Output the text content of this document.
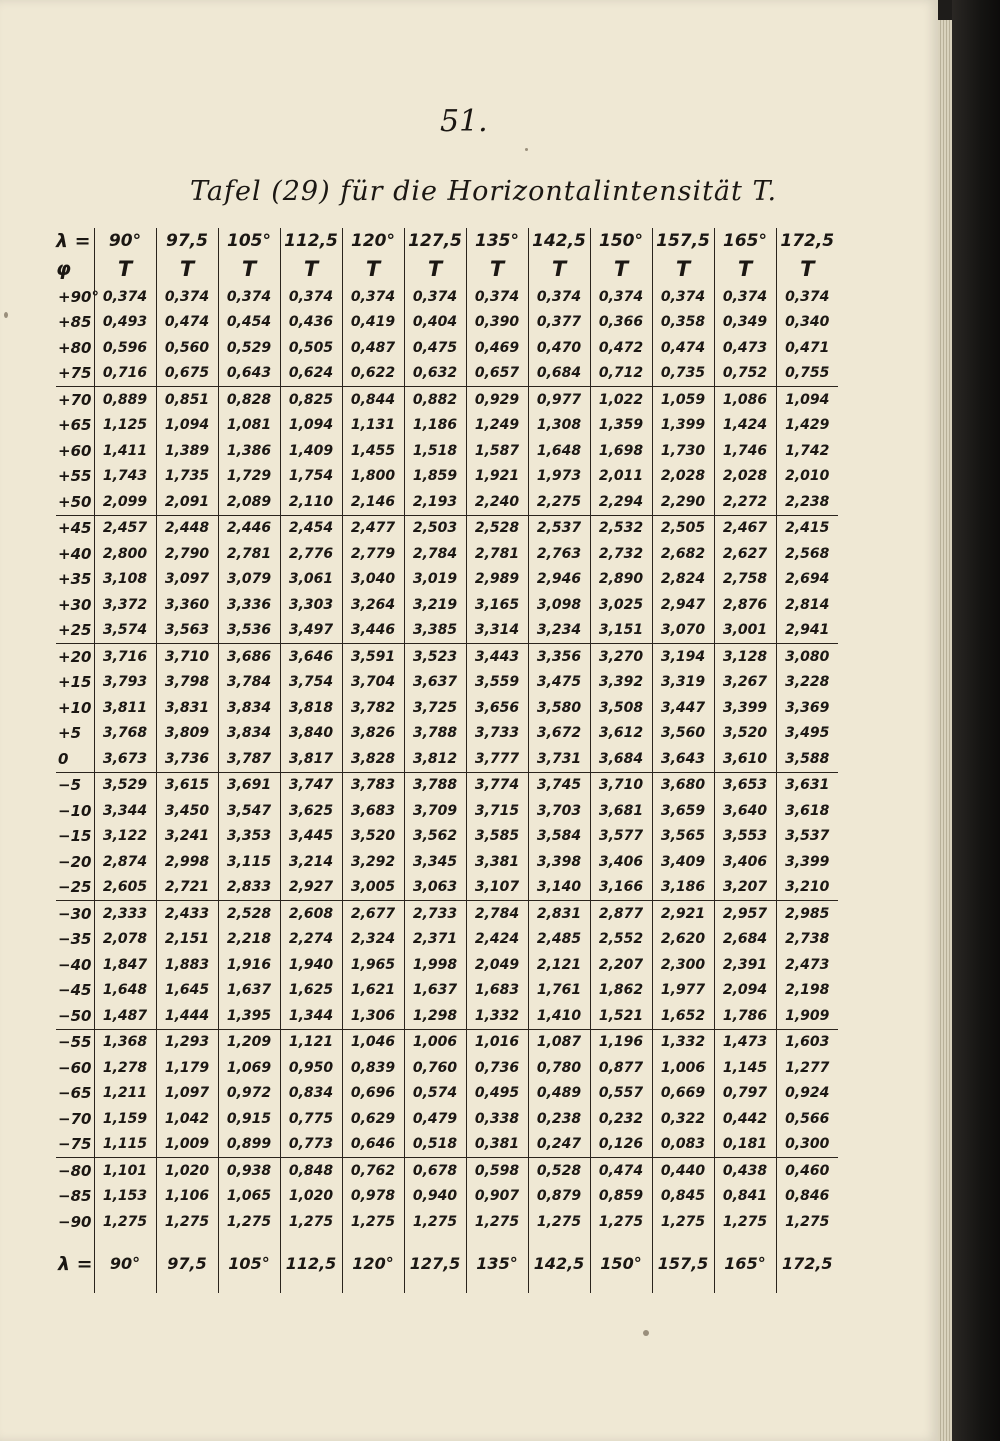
51.
Tafel (29) für die Horizontalintensität T.
λ =	90°	97,5	105°	112,5	120°	127,5	135°	142,5	150°	157,5	165°	172,5
φ	T	T	T	T	T	T	T	T	T	T	T	T
+90°	0,374	0,374	0,374	0,374	0,374	0,374	0,374	0,374	0,374	0,374	0,374	0,374
+85	0,493	0,474	0,454	0,436	0,419	0,404	0,390	0,377	0,366	0,358	0,349	0,340
+80	0,596	0,560	0,529	0,505	0,487	0,475	0,469	0,470	0,472	0,474	0,473	0,471
+75	0,716	0,675	0,643	0,624	0,622	0,632	0,657	0,684	0,712	0,735	0,752	0,755
+70	0,889	0,851	0,828	0,825	0,844	0,882	0,929	0,977	1,022	1,059	1,086	1,094
+65	1,125	1,094	1,081	1,094	1,131	1,186	1,249	1,308	1,359	1,399	1,424	1,429
+60	1,411	1,389	1,386	1,409	1,455	1,518	1,587	1,648	1,698	1,730	1,746	1,742
+55	1,743	1,735	1,729	1,754	1,800	1,859	1,921	1,973	2,011	2,028	2,028	2,010
+50	2,099	2,091	2,089	2,110	2,146	2,193	2,240	2,275	2,294	2,290	2,272	2,238
+45	2,457	2,448	2,446	2,454	2,477	2,503	2,528	2,537	2,532	2,505	2,467	2,415
+40	2,800	2,790	2,781	2,776	2,779	2,784	2,781	2,763	2,732	2,682	2,627	2,568
+35	3,108	3,097	3,079	3,061	3,040	3,019	2,989	2,946	2,890	2,824	2,758	2,694
+30	3,372	3,360	3,336	3,303	3,264	3,219	3,165	3,098	3,025	2,947	2,876	2,814
+25	3,574	3,563	3,536	3,497	3,446	3,385	3,314	3,234	3,151	3,070	3,001	2,941
+20	3,716	3,710	3,686	3,646	3,591	3,523	3,443	3,356	3,270	3,194	3,128	3,080
+15	3,793	3,798	3,784	3,754	3,704	3,637	3,559	3,475	3,392	3,319	3,267	3,228
+10	3,811	3,831	3,834	3,818	3,782	3,725	3,656	3,580	3,508	3,447	3,399	3,369
+5	3,768	3,809	3,834	3,840	3,826	3,788	3,733	3,672	3,612	3,560	3,520	3,495
0	3,673	3,736	3,787	3,817	3,828	3,812	3,777	3,731	3,684	3,643	3,610	3,588
−5	3,529	3,615	3,691	3,747	3,783	3,788	3,774	3,745	3,710	3,680	3,653	3,631
−10	3,344	3,450	3,547	3,625	3,683	3,709	3,715	3,703	3,681	3,659	3,640	3,618
−15	3,122	3,241	3,353	3,445	3,520	3,562	3,585	3,584	3,577	3,565	3,553	3,537
−20	2,874	2,998	3,115	3,214	3,292	3,345	3,381	3,398	3,406	3,409	3,406	3,399
−25	2,605	2,721	2,833	2,927	3,005	3,063	3,107	3,140	3,166	3,186	3,207	3,210
−30	2,333	2,433	2,528	2,608	2,677	2,733	2,784	2,831	2,877	2,921	2,957	2,985
−35	2,078	2,151	2,218	2,274	2,324	2,371	2,424	2,485	2,552	2,620	2,684	2,738
−40	1,847	1,883	1,916	1,940	1,965	1,998	2,049	2,121	2,207	2,300	2,391	2,473
−45	1,648	1,645	1,637	1,625	1,621	1,637	1,683	1,761	1,862	1,977	2,094	2,198
−50	1,487	1,444	1,395	1,344	1,306	1,298	1,332	1,410	1,521	1,652	1,786	1,909
−55	1,368	1,293	1,209	1,121	1,046	1,006	1,016	1,087	1,196	1,332	1,473	1,603
−60	1,278	1,179	1,069	0,950	0,839	0,760	0,736	0,780	0,877	1,006	1,145	1,277
−65	1,211	1,097	0,972	0,834	0,696	0,574	0,495	0,489	0,557	0,669	0,797	0,924
−70	1,159	1,042	0,915	0,775	0,629	0,479	0,338	0,238	0,232	0,322	0,442	0,566
−75	1,115	1,009	0,899	0,773	0,646	0,518	0,381	0,247	0,126	0,083	0,181	0,300
−80	1,101	1,020	0,938	0,848	0,762	0,678	0,598	0,528	0,474	0,440	0,438	0,460
−85	1,153	1,106	1,065	1,020	0,978	0,940	0,907	0,879	0,859	0,845	0,841	0,846
−90	1,275	1,275	1,275	1,275	1,275	1,275	1,275	1,275	1,275	1,275	1,275	1,275
λ =	90°	97,5	105°	112,5	120°	127,5	135°	142,5	150°	157,5	165°	172,5
